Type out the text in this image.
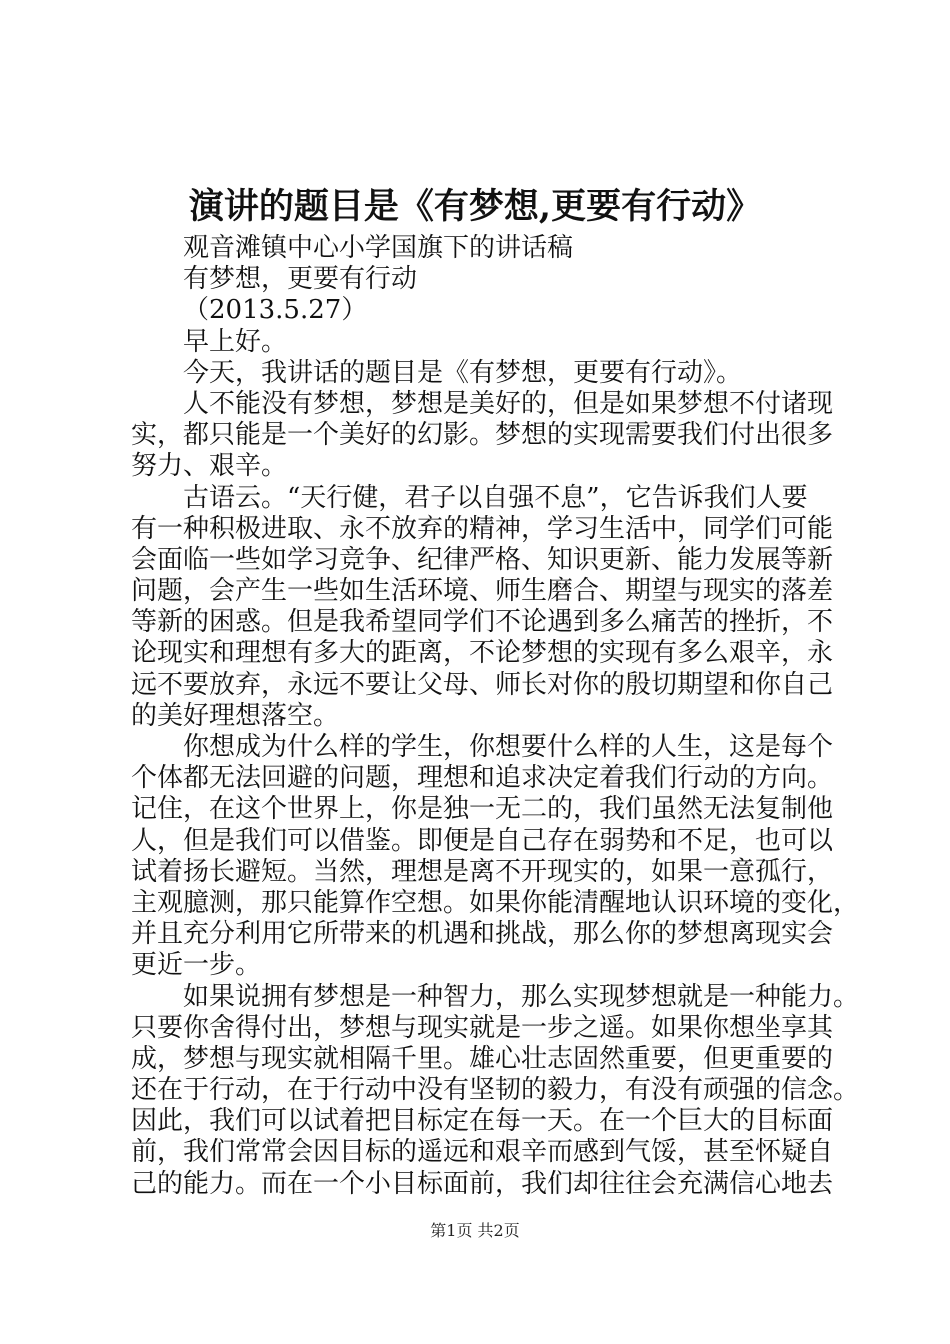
演讲的题目是《有梦想,更要有行动》
观音滩镇中心小学国旗下的讲话稿
有梦想，更要有行动
（2013.5.27）
早上好。
今天，我讲话的题目是《有梦想，更要有行动》。
人不能没有梦想，梦想是美好的，但是如果梦想不付诸现
实，都只能是一个美好的幻影。梦想的实现需要我们付出很多
努力、艰辛。
古语云。“天行健，君子以自强不息”，它告诉我们人要
有一种积极进取、永不放弃的精神，学习生活中，同学们可能
会面临一些如学习竞争、纪律严格、知识更新、能力发展等新
问题，会产生一些如生活环境、师生磨合、期望与现实的落差
等新的困惑。但是我希望同学们不论遇到多么痛苦的挫折，不
论现实和理想有多大的距离，不论梦想的实现有多么艰辛，永
远不要放弃，永远不要让父母、师长对你的殷切期望和你自己
的美好理想落空。
你想成为什么样的学生，你想要什么样的人生，这是每个
个体都无法回避的问题，理想和追求决定着我们行动的方向。
记住，在这个世界上，你是独一无二的，我们虽然无法复制他
人，但是我们可以借鉴。即便是自己存在弱势和不足，也可以
试着扬长避短。当然，理想是离不开现实的，如果一意孤行，
主观臆测，那只能算作空想。如果你能清醒地认识环境的变化，
并且充分利用它所带来的机遇和挑战，那么你的梦想离现实会
更近一步。
如果说拥有梦想是一种智力，那么实现梦想就是一种能力。
只要你舍得付出，梦想与现实就是一步之遥。如果你想坐享其
成，梦想与现实就相隔千里。雄心壮志固然重要，但更重要的
还在于行动，在于行动中没有坚韧的毅力，有没有顽强的信念。
因此，我们可以试着把目标定在每一天。在一个巨大的目标面
前，我们常常会因目标的遥远和艰辛而感到气馁，甚至怀疑自
己的能力。而在一个小目标面前，我们却往往会充满信心地去
第1页 共2页
